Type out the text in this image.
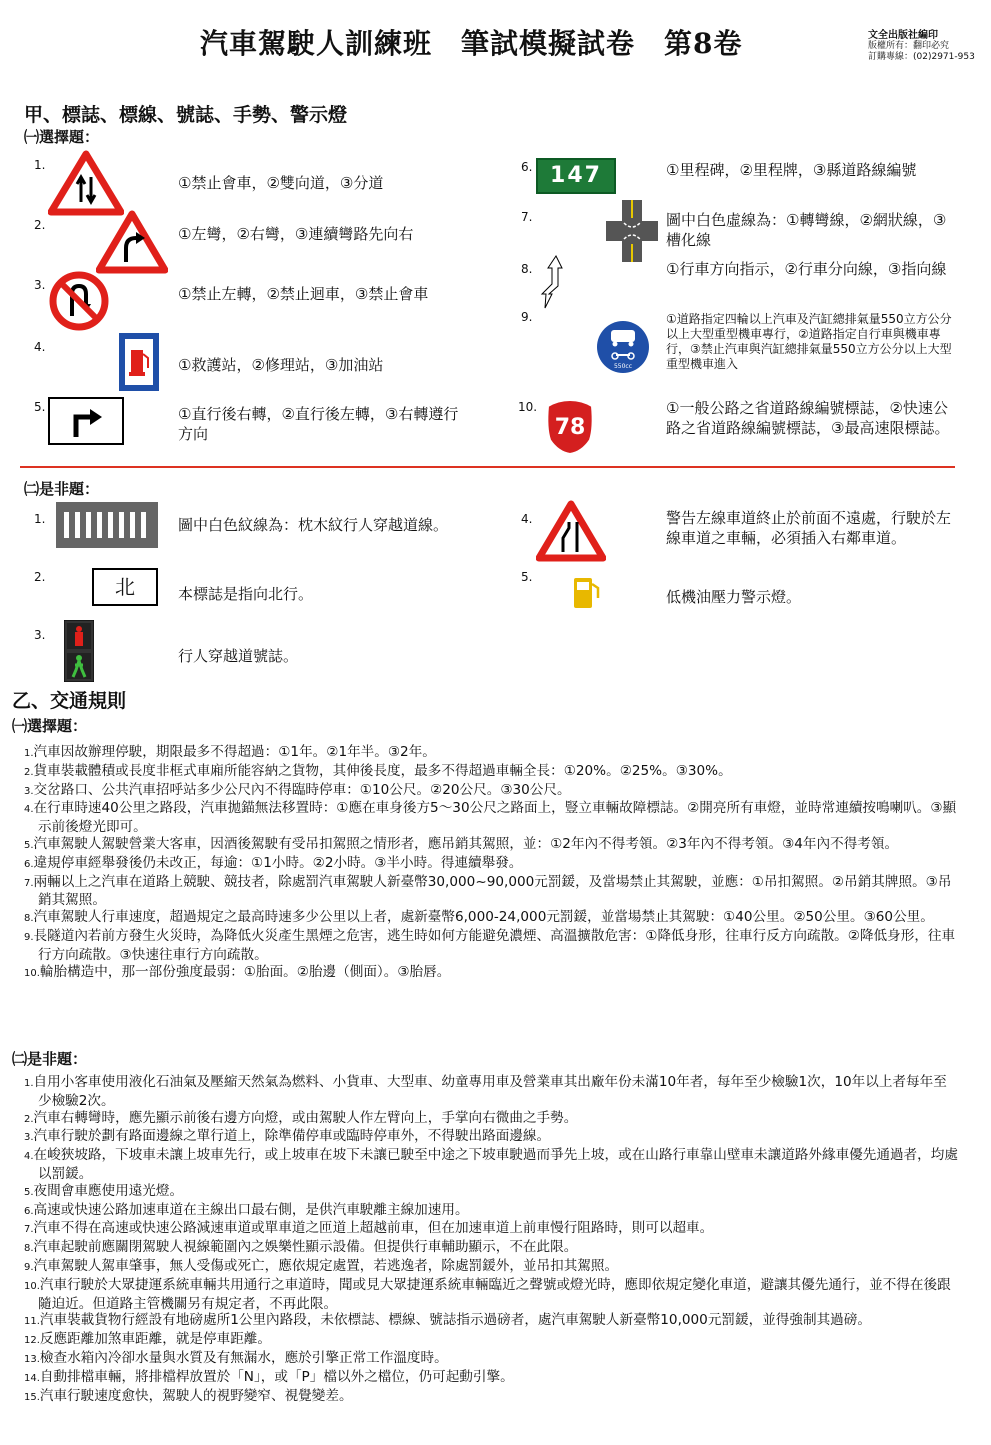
汽車駕駛人訓練班　筆試模擬試卷　第8卷	文全出版社編印
版權所有：翻印必究
訂購專線：(02)2971-953
甲、標誌、標線、號誌、手勢、警示燈
㈠選擇題：
1.
①禁止會車，②雙向道，③分道
2.	①左彎，②右彎，③連續彎路先向右
3.	①禁止左轉，②禁止迴車，③禁止會車
4.
①救護站，②修理站，③加油站
5.	①直行後右轉，②直行後左轉，③右轉遵行方向
6. 147	①里程碑，②里程牌，③縣道路線編號
7.	圖中白色虛線為：①轉彎線，②網狀線，③槽化線
8.	①行車方向指示，②行車分向線，③指向線
9.
550cc
①道路指定四輪以上汽車及汽缸總排氣量550立方公分以上大型重型機車專行，②道路指定自行車與機車專行，③禁止汽車與汽缸總排氣量550立方公分以上大型重型機車進入
10.
78
①一般公路之省道路線編號標誌，②快速公路之省道路線編號標誌，③最高速限標誌。
㈡是非題：
1.	圖中白色紋線為：枕木紋行人穿越道線。
2.	北	本標誌是指向北行。
3.
行人穿越道號誌。
4.	警告左線車道終止於前面不遠處，行駛於左線車道之車輛，必須插入右鄰車道。
5.
低機油壓力警示燈。
乙、交通規則
㈠選擇題：

1.汽車因故辦理停駛，期限最多不得超過：①1年。②1年半。③2年。

2.貨車裝載體積或長度非框式車廂所能容納之貨物，其伸後長度，最多不得超過車輛全長：①20%。②25%。③30%。

3.交岔路口、公共汽車招呼站多少公尺內不得臨時停車：①10公尺。②20公尺。③30公尺。

4.在行車時速40公里之路段，汽車拋錨無法移置時：①應在車身後方5～30公尺之路面上，豎立車輛故障標誌。②開亮所有車燈，並時常連續按鳴喇叭。③顯示前後燈光即可。

5.汽車駕駛人駕駛營業大客車，因酒後駕駛有受吊扣駕照之情形者，應吊銷其駕照，並：①2年內不得考領。②3年內不得考領。③4年內不得考領。

6.違規停車經舉發後仍未改正，每逾：①1小時。②2小時。③半小時。得連續舉發。

7.兩輛以上之汽車在道路上競駛、競技者，除處罰汽車駕駛人新臺幣30,000~90,000元罰鍰，及當場禁止其駕駛，並應：①吊扣駕照。②吊銷其牌照。③吊銷其駕照。

8.汽車駕駛人行車速度，超過規定之最高時速多少公里以上者，處新臺幣6,000-24,000元罰鍰，並當場禁止其駕駛：①40公里。②50公里。③60公里。

9.長隧道內若前方發生火災時，為降低火災產生黑煙之危害，逃生時如何方能避免濃煙、高溫擴散危害：①降低身形，往車行反方向疏散。②降低身形，往車行方向疏散。③快速往車行方向疏散。

10.輪胎構造中，那一部份強度最弱：①胎面。②胎邊（側面）。③胎唇。

㈡是非題：

1.自用小客車使用液化石油氣及壓縮天然氣為燃料、小貨車、大型車、幼童專用車及營業車其出廠年份未滿10年者，每年至少檢驗1次，10年以上者每年至少檢驗2次。

2.汽車右轉彎時，應先顯示前後右邊方向燈，或由駕駛人作左臂向上，手掌向右微曲之手勢。

3.汽車行駛於劃有路面邊線之單行道上，除準備停車或臨時停車外，不得駛出路面邊線。

4.在峻狹坡路，下坡車未讓上坡車先行，或上坡車在坡下未讓已駛至中途之下坡車駛過而爭先上坡，或在山路行車靠山壁車未讓道路外緣車優先通過者，均處以罰鍰。

5.夜間會車應使用遠光燈。

6.高速或快速公路加速車道在主線出口最右側，是供汽車駛離主線加速用。

7.汽車不得在高速或快速公路減速車道或單車道之匝道上超越前車，但在加速車道上前車慢行阻路時，則可以超車。

8.汽車起駛前應關閉駕駛人視線範圍內之娛樂性顯示設備。但提供行車輔助顯示，不在此限。

9.汽車駕駛人駕車肇事，無人受傷或死亡，應依規定處置，若逃逸者，除處罰鍰外，並吊扣其駕照。

10.汽車行駛於大眾捷運系統車輛共用通行之車道時，聞或見大眾捷運系統車輛臨近之聲號或燈光時，應即依規定變化車道，避讓其優先通行，並不得在後跟隨迫近。但道路主管機關另有規定者，不再此限。

11.汽車裝載貨物行經設有地磅處所1公里內路段，未依標誌、標線、號誌指示過磅者，處汽車駕駛人新臺幣10,000元罰鍰，並得強制其過磅。

12.反應距離加煞車距離，就是停車距離。

13.檢查水箱內冷卻水量與水質及有無漏水，應於引擎正常工作溫度時。

14.自動排檔車輛，將排檔桿放置於「N」，或「P」檔以外之檔位，仍可起動引擎。

15.汽車行駛速度愈快，駕駛人的視野變窄、視覺變差。
